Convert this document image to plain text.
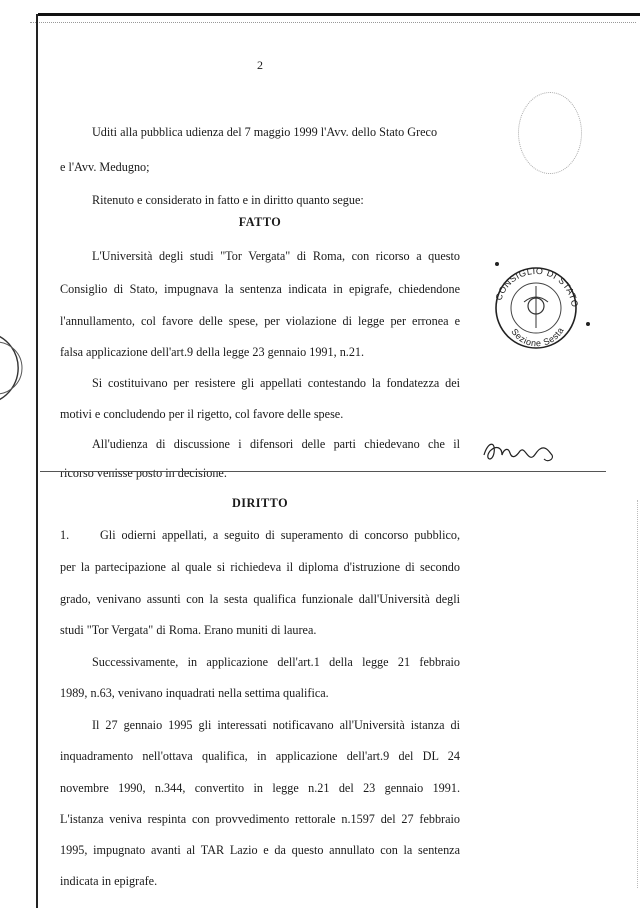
2
Uditi alla pubblica udienza del 7 maggio 1999 l'Avv. dello Stato Greco
e l'Avv. Medugno;
Ritenuto e considerato in fatto e in diritto quanto segue:
FATTO
L'Università degli studi "Tor Vergata" di Roma, con ricorso a questo
Consiglio di Stato, impugnava la sentenza indicata in epigrafe, chiedendone
l'annullamento, col favore delle spese, per violazione di legge per erronea e
falsa applicazione dell'art.9 della legge 23 gennaio 1991, n.21.
Si costituivano per resistere gli appellati contestando la fondatezza dei
motivi e concludendo per il rigetto, col favore delle spese.
All'udienza di discussione i difensori delle parti chiedevano che il
ricorso venisse posto in decisione.
DIRITTO
1.	Gli odierni appellati, a seguito di superamento di concorso pubblico,
per la partecipazione al quale si richiedeva il diploma d'istruzione di secondo
grado, venivano assunti con la sesta qualifica funzionale dall'Università degli
studi "Tor Vergata" di Roma. Erano muniti di laurea.
Successivamente, in applicazione dell'art.1 della legge 21 febbraio
1989, n.63, venivano inquadrati nella settima qualifica.
Il 27 gennaio 1995 gli interessati notificavano all'Università istanza di
inquadramento nell'ottava qualifica, in applicazione dell'art.9 del DL 24
novembre 1990, n.344, convertito in legge n.21 del 23 gennaio 1991.
L'istanza veniva respinta con provvedimento rettorale n.1597 del 27 febbraio
1995, impugnato avanti al TAR Lazio e da questo annullato con la sentenza
indicata in epigrafe.
CONSIGLIO DI STATO
Sezione Sesta
